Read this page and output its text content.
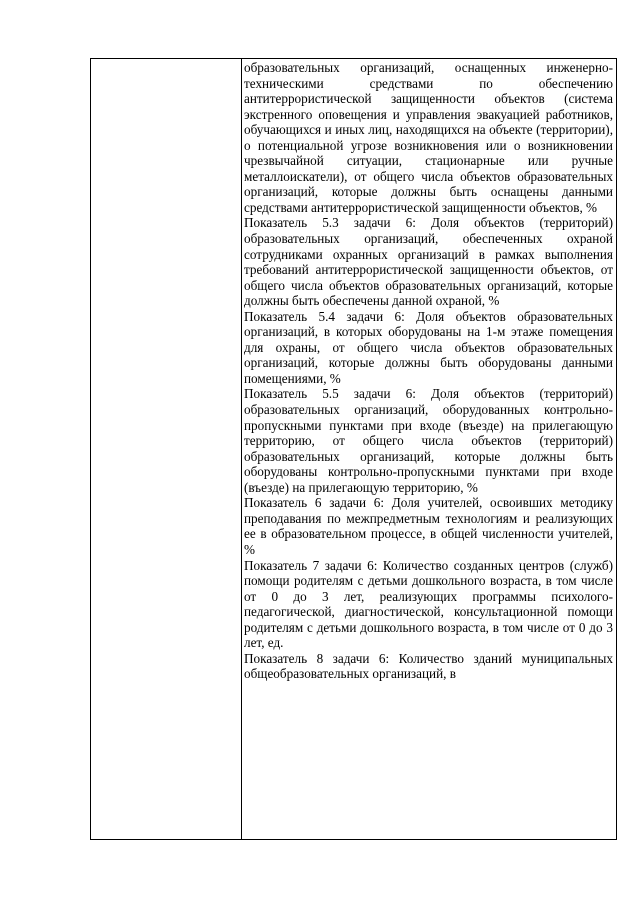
образовательных организаций, оснащенных инженерно-техническими средствами по обеспечению антитеррористической защищенности объектов (система экстренного оповещения и управления эвакуацией работников, обучающихся и иных лиц, находящихся на объекте (территории), о потенциальной угрозе возникновения или о возникновении чрезвычайной ситуации, стационарные или ручные металлоискатели), от общего числа объектов образовательных организаций, которые должны быть оснащены данными средствами антитеррористической защищенности объектов, %

Показатель 5.3 задачи 6: Доля объектов (территорий) образовательных организаций, обеспеченных охраной сотрудниками охранных организаций в рамках выполнения требований антитеррористической защищенности объектов, от общего числа объектов образовательных организаций, которые должны быть обеспечены данной охраной, %

Показатель 5.4 задачи 6: Доля объектов образовательных организаций, в которых оборудованы на 1-м этаже помещения для охраны, от общего числа объектов образовательных организаций, которые должны быть оборудованы данными помещениями, %

Показатель 5.5 задачи 6: Доля объектов (территорий) образовательных организаций, оборудованных контрольно-пропускными пунктами при входе (въезде) на прилегающую территорию, от общего числа объектов (территорий) образовательных организаций, которые должны быть оборудованы контрольно-пропускными пунктами при входе (въезде) на прилегающую территорию, %

Показатель 6 задачи 6: Доля учителей, освоивших методику преподавания по межпредметным технологиям и реализующих ее в образовательном процессе, в общей численности учителей, %

Показатель 7 задачи 6: Количество созданных центров (служб) помощи родителям с детьми дошкольного возраста, в том числе от 0 до 3 лет, реализующих программы психолого-педагогической, диагностической, консультационной помощи родителям с детьми дошкольного возраста, в том числе от 0 до 3 лет, ед.

Показатель 8 задачи 6: Количество зданий муниципальных общеобразовательных организаций, в
